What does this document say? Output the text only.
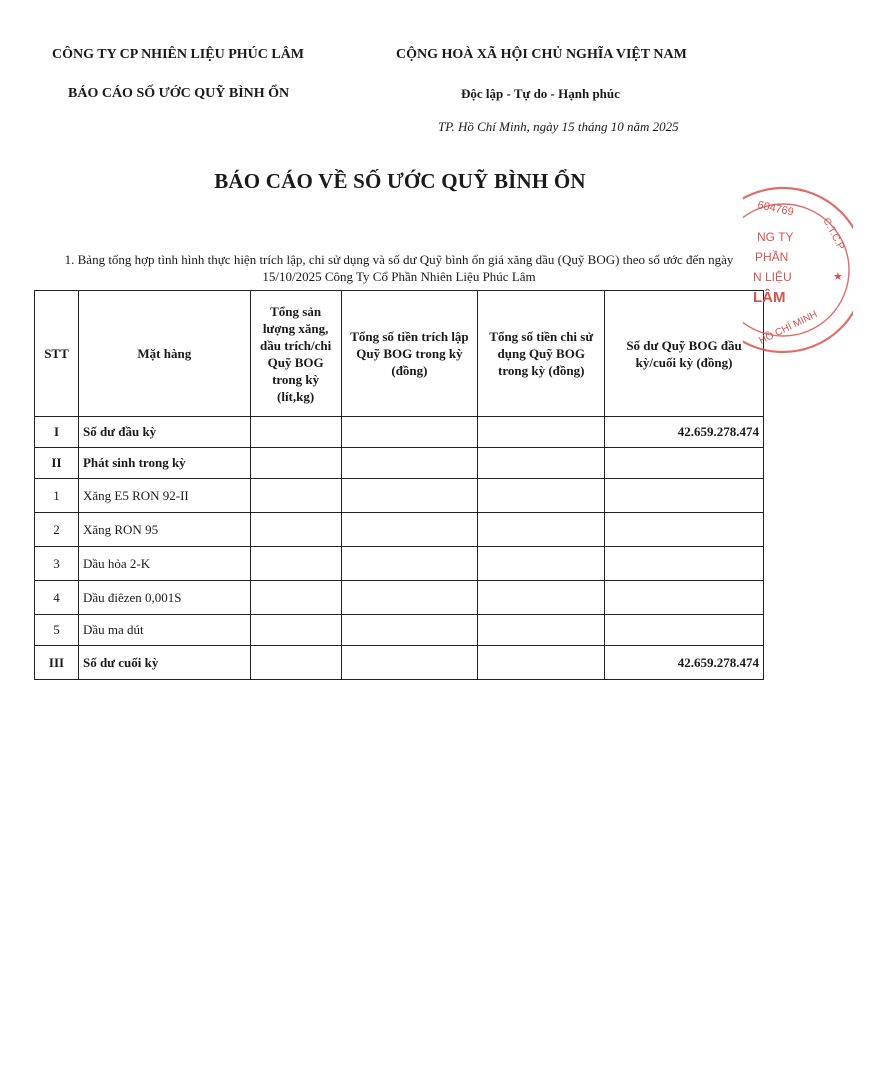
CÔNG TY CP NHIÊN LIỆU PHÚC LÂM
BÁO CÁO SỐ ƯỚC QUỸ BÌNH ỔN
CỘNG HOÀ XÃ HỘI CHỦ NGHĨA VIỆT NAM
Độc lập - Tự do - Hạnh phúc
TP. Hồ Chí Minh, ngày 15 tháng 10 năm 2025
BÁO CÁO VỀ SỐ ƯỚC QUỸ BÌNH ỔN
1. Bảng tổng hợp tình hình thực hiện trích lập, chi sử dụng và số dư Quỹ bình ổn giá xăng dầu (Quỹ BOG) theo số ước đến ngày 15/10/2025 Công Ty Cổ Phần Nhiên Liệu Phúc Lâm
STT	Mặt hàng	Tổng sản lượng xăng, dầu trích/chi Quỹ BOG trong kỳ (lít,kg)	Tổng số tiền trích lập Quỹ BOG trong kỳ (đồng)	Tổng số tiền chi sử dụng Quỹ BOG trong kỳ (đồng)	Số dư Quỹ BOG đầu kỳ/cuối kỳ (đồng)
I	Số dư đầu kỳ				42.659.278.474
II	Phát sinh trong kỳ				
1	Xăng E5 RON 92-II				
2	Xăng RON 95				
3	Dầu hỏa 2-K				
4	Dầu điêzen 0,001S				
5	Dầu ma dút				
III	Số dư cuối kỳ				42.659.278.474
604769
C.T.C.P
NG TY
PHẦN
N LIỆU
LÂM
HỒ CHÍ MINH
★
